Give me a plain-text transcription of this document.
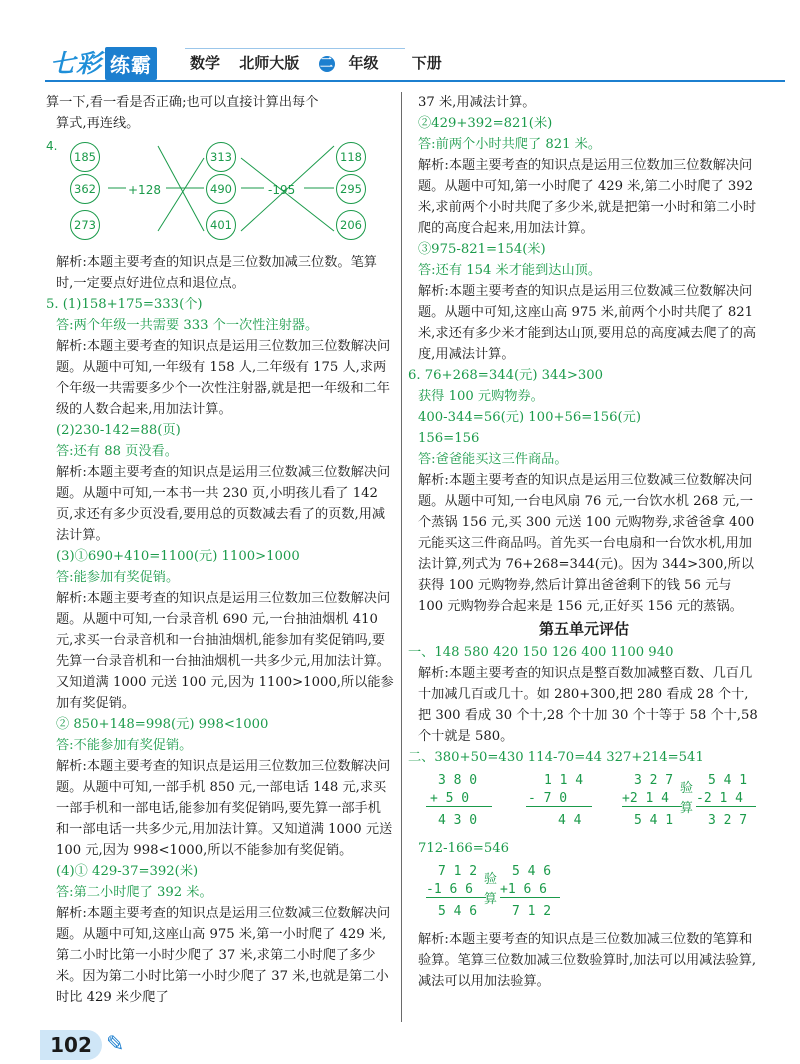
七彩 练霸	数学 北师大版 二 年级 下册

算一下,看一看是否正确;也可以直接计算出每个

算式,再连线。

4.
185
362
273
+128
313
490
401
-195
118
295
206

解析:本题主要考查的知识点是三位数加减三位数。笔算时,一定要点好进位点和退位点。

5. (1)158+175=333(个)

答:两个年级一共需要 333 个一次性注射器。

解析:本题主要考查的知识点是运用三位数加三位数解决问题。从题中可知,一年级有 158 人,二年级有 175 人,求两个年级一共需要多少个一次性注射器,就是把一年级和二年级的人数合起来,用加法计算。

(2)230-142=88(页)

答:还有 88 页没看。

解析:本题主要考查的知识点是运用三位数减三位数解决问题。从题中可知,一本书一共 230 页,小明孩儿看了 142 页,求还有多少页没看,要用总的页数减去看了的页数,用减法计算。

(3)①690+410=1100(元) 1100>1000

答:能参加有奖促销。

解析:本题主要考查的知识点是运用三位数加三位数解决问题。从题中可知,一台录音机 690 元,一台抽油烟机 410 元,求买一台录音机和一台抽油烟机,能参加有奖促销吗,要先算一台录音机和一台抽油烟机一共多少元,用加法计算。又知道满 1000 元送 100 元,因为 1100>1000,所以能参加有奖促销。

② 850+148=998(元) 998<1000

答:不能参加有奖促销。

解析:本题主要考查的知识点是运用三位数加三位数解决问题。从题中可知,一部手机 850 元,一部电话 148 元,求买一部手机和一部电话,能参加有奖促销吗,要先算一部手机和一部电话一共多少元,用加法计算。又知道满 1000 元送 100 元,因为 998<1000,所以不能参加有奖促销。

(4)① 429-37=392(米)

答:第二小时爬了 392 米。

解析:本题主要考查的知识点是运用三位数减三位数解决问题。从题中可知,这座山高 975 米,第一小时爬了 429 米,第二小时比第一小时少爬了 37 米,求第二小时爬了多少米。因为第二小时比第一小时少爬了 37 米,也就是第二小时比 429 米少爬了

37 米,用减法计算。

②429+392=821(米)

答:前两个小时共爬了 821 米。

解析:本题主要考查的知识点是运用三位数加三位数解决问题。从题中可知,第一小时爬了 429 米,第二小时爬了 392 米,求前两个小时共爬了多少米,就是把第一小时和第二小时爬的高度合起来,用加法计算。

③975-821=154(米)

答:还有 154 米才能到达山顶。

解析:本题主要考查的知识点是运用三位数减三位数解决问题。从题中可知,这座山高 975 米,前两个小时共爬了 821 米,求还有多少米才能到达山顶,要用总的高度减去爬了的高度,用减法计算。

6. 76+268=344(元) 344>300

获得 100 元购物券。

400-344=56(元) 100+56=156(元)

156=156

答:爸爸能买这三件商品。

解析:本题主要考查的知识点是运用三位数减三位数解决问题。从题中可知,一台电风扇 76 元,一台饮水机 268 元,一个蒸锅 156 元,买 300 元送 100 元购物券,求爸爸拿 400 元能买这三件商品吗。首先买一台电扇和一台饮水机,用加法计算,列式为 76+268=344(元)。因为 344>300,所以获得 100 元购物券,然后计算出爸爸剩下的钱 56 元与 100 元购物券合起来是 156 元,正好买 156 元的蒸锅。

第五单元评估

一、148 580 420 150 126 400 1100 940

解析:本题主要考查的知识点是整百数加减整百数、几百几十加减几百或几十。如 280+300,把 280 看成 28 个十,把 300 看成 30 个十,28 个十加 30 个十等于 58 个十,58 个十就是 580。

二、380+50=430 114-70=44 327+214=541

3 8 0
+ 5 0
4 3 0
1 1 4
- 7 0
4 4
3 2 7
+2 1 4
5 4 1
验
算
5 4 1
-2 1 4
3 2 7

712-166=546

7 1 2
-1 6 6
5 4 6
验
算
5 4 6
+1 6 6
7 1 2

解析:本题主要考查的知识点是三位数加减三位数的笔算和验算。笔算三位数加减三位数验算时,加法可以用减法验算,减法可以用加法验算。

102 ✎
